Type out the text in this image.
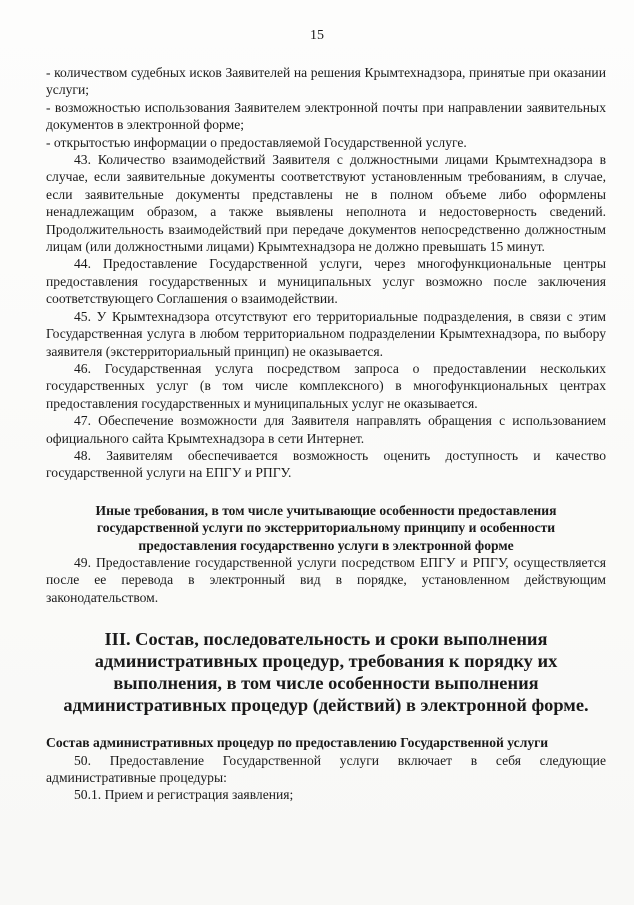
15

- количеством судебных исков Заявителей на решения Крымтехнадзора, принятые при оказании услуги;

- возможностью использования Заявителем электронной почты при направлении заявительных документов в электронной форме;

- открытостью информации о предоставляемой Государственной услуге.

43. Количество взаимодействий Заявителя с должностными лицами Крымтехнадзора в случае, если заявительные документы соответствуют установленным требованиям, в случае, если заявительные документы представлены не в полном объеме либо оформлены ненадлежащим образом, а также выявлены неполнота и недостоверность сведений. Продолжительность взаимодействий при передаче документов непосредственно должностным лицам (или должностными лицами) Крымтехнадзора не должно превышать 15 минут.

44. Предоставление Государственной услуги, через многофункциональные центры предоставления государственных и муниципальных услуг возможно после заключения соответствующего Соглашения о взаимодействии.

45. У Крымтехнадзора отсутствуют его территориальные подразделения, в связи с этим Государственная услуга в любом территориальном подразделении Крымтехнадзора, по выбору заявителя (экстерриториальный принцип) не оказывается.

46. Государственная услуга посредством запроса о предоставлении нескольких государственных услуг (в том числе комплексного) в многофункциональных центрах предоставления государственных и муниципальных услуг не оказывается.

47. Обеспечение возможности для Заявителя направлять обращения с использованием официального сайта Крымтехнадзора в сети Интернет.

48. Заявителям обеспечивается возможность оценить доступность и качество государственной услуги на ЕПГУ и РПГУ.

Иные требования, в том числе учитывающие особенности предоставления государственной услуги по экстерриториальному принципу и особенности предоставления государственно услуги в электронной форме

49. Предоставление государственной услуги посредством ЕПГУ и РПГУ, осуществляется после ее перевода в электронный вид в порядке, установленном действующим законодательством.

III. Состав, последовательность и сроки выполнения административных процедур, требования к порядку их выполнения, в том числе особенности выполнения административных процедур (действий) в электронной форме.

Состав административных процедур по предоставлению Государственной услуги

50. Предоставление Государственной услуги включает в себя следующие административные процедуры:

50.1. Прием и регистрация заявления;
